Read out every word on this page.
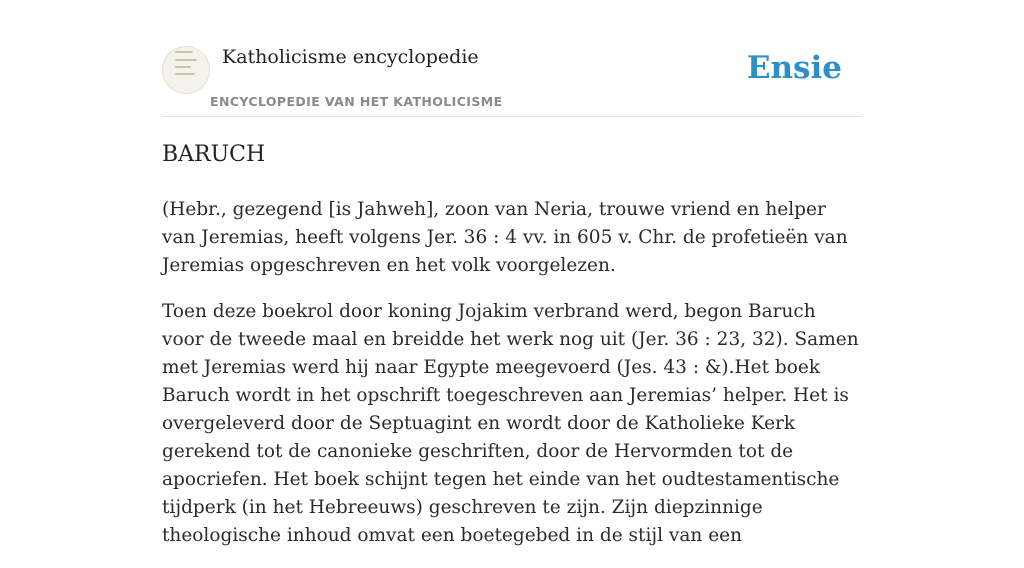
Katholicisme encyclopedie
ENCYCLOPEDIE VAN HET KATHOLICISME
Ensie
BARUCH

(Hebr., gezegend [is Jahweh], zoon van Neria, trouwe vriend en helper van Jeremias, heeft volgens Jer. 36 : 4 vv. in 605 v. Chr. de profetieën van Jeremias opgeschreven en het volk voorgelezen.

Toen deze boekrol door koning Jojakim verbrand werd, begon Baruch voor de tweede maal en breidde het werk nog uit (Jer. 36 : 23, 32). Samen met Jeremias werd hij naar Egypte meegevoerd (Jes. 43 : &).Het boek Baruch wordt in het opschrift toegeschreven aan Jeremias’ helper. Het is overgeleverd door de Septuagint en wordt door de Katholieke Kerk gerekend tot de canonieke geschriften, door de Hervormden tot de apocriefen. Het boek schijnt tegen het einde van het oudtestamentische tijdperk (in het Hebreeuws) geschreven te zijn. Zijn diepzinnige theologische inhoud omvat een boetegebed in de stijl van een
